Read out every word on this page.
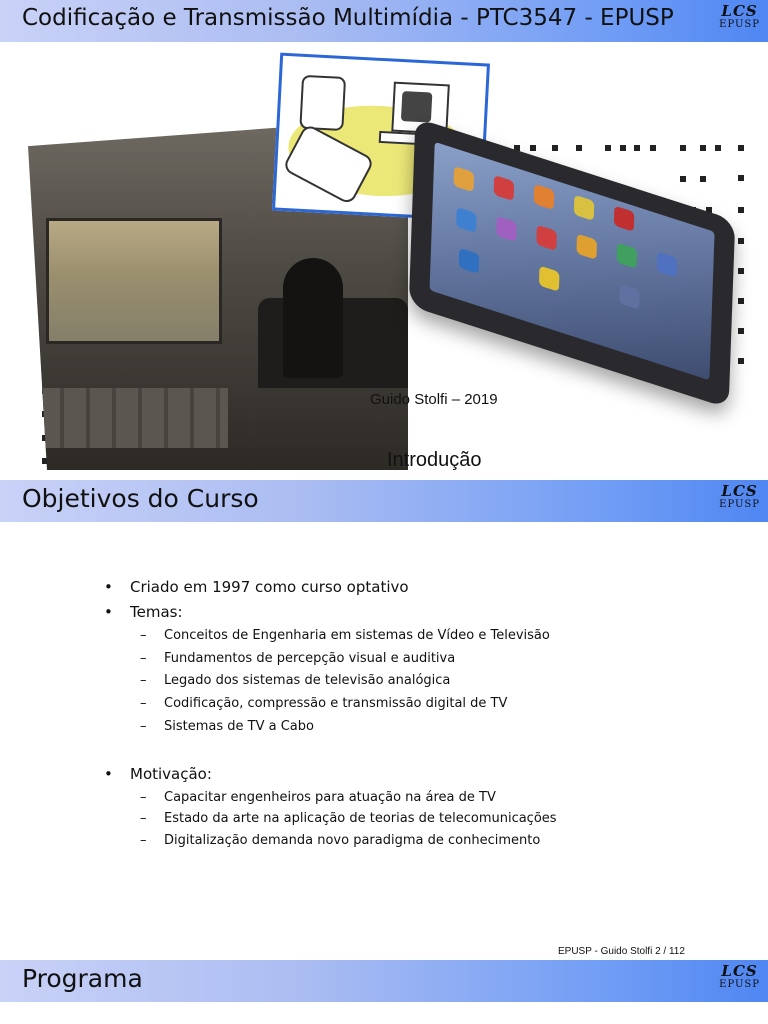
Codificação e Transmissão Multimídia - PTC3547 - EPUSP	LCS
EPUSP
Guido Stolfi – 2019
Introdução
Objetivos do Curso	LCS
EPUSP
• Criado em 1997 como curso optativo
• Temas:
– Conceitos de Engenharia em sistemas de Vídeo e Televisão
– Fundamentos de percepção visual e auditiva
– Legado dos sistemas de televisão analógica
– Codificação, compressão e transmissão digital de TV
– Sistemas de TV a Cabo
• Motivação:
– Capacitar engenheiros para atuação na área de TV
– Estado da arte na aplicação de teorias de telecomunicações
– Digitalização demanda novo paradigma de conhecimento
EPUSP - Guido Stolfi 2 / 112
Programa	LCS
EPUSP
